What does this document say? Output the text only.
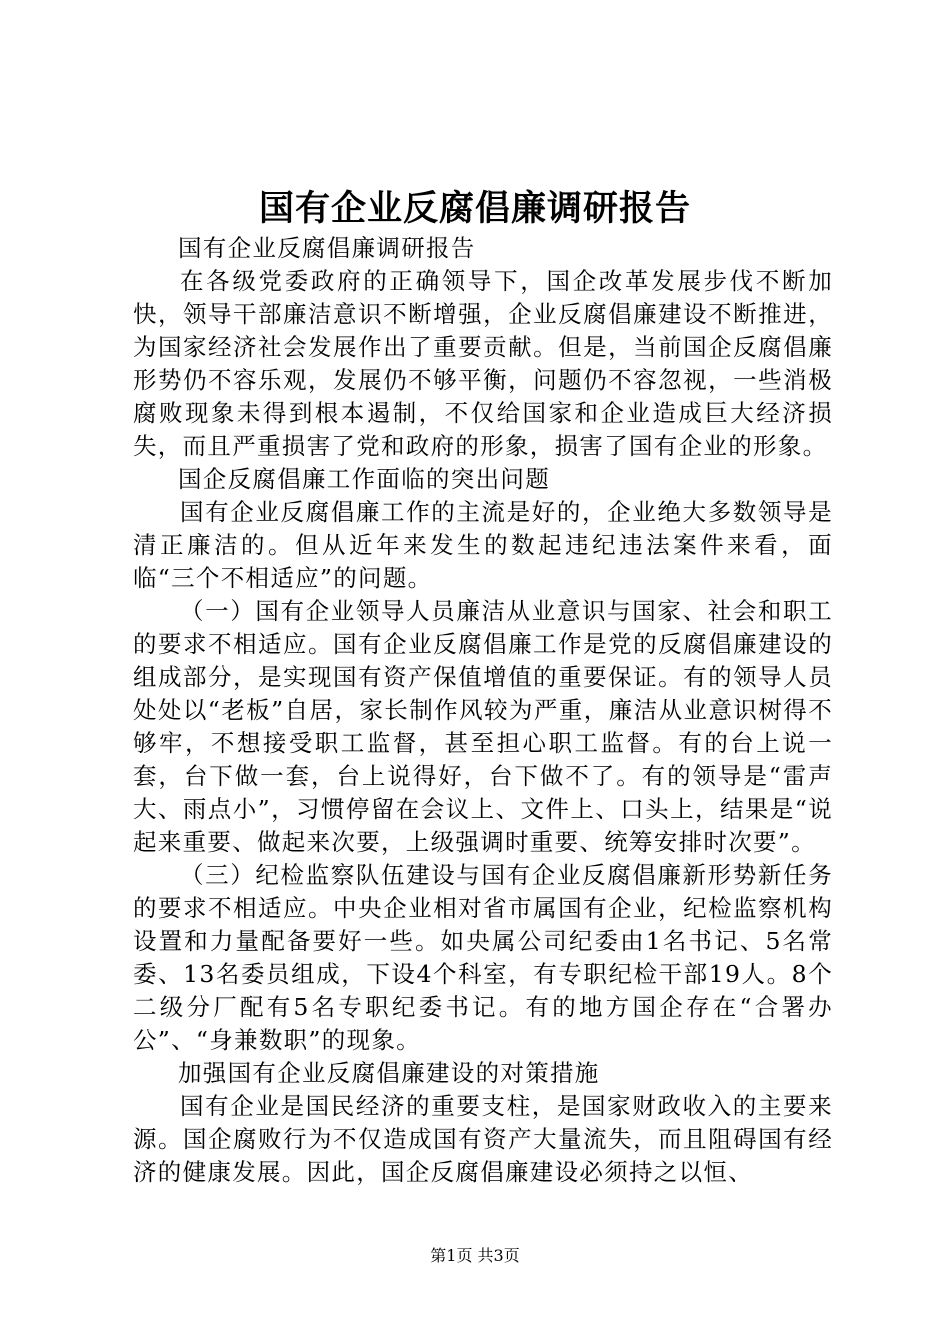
国有企业反腐倡廉调研报告

国有企业反腐倡廉调研报告

在各级党委政府的正确领导下，国企改革发展步伐不断加快，领导干部廉洁意识不断增强，企业反腐倡廉建设不断推进，为国家经济社会发展作出了重要贡献。但是，当前国企反腐倡廉形势仍不容乐观，发展仍不够平衡，问题仍不容忽视，一些消极腐败现象未得到根本遏制，不仅给国家和企业造成巨大经济损失，而且严重损害了党和政府的形象，损害了国有企业的形象。

国企反腐倡廉工作面临的突出问题

国有企业反腐倡廉工作的主流是好的，企业绝大多数领导是清正廉洁的。但从近年来发生的数起违纪违法案件来看，面临“三个不相适应”的问题。

（一）国有企业领导人员廉洁从业意识与国家、社会和职工的要求不相适应。国有企业反腐倡廉工作是党的反腐倡廉建设的组成部分，是实现国有资产保值增值的重要保证。有的领导人员处处以“老板”自居，家长制作风较为严重，廉洁从业意识树得不够牢，不想接受职工监督，甚至担心职工监督。有的台上说一套，台下做一套，台上说得好，台下做不了。有的领导是“雷声大、雨点小”，习惯停留在会议上、文件上、口头上，结果是“说起来重要、做起来次要，上级强调时重要、统筹安排时次要”。

（三）纪检监察队伍建设与国有企业反腐倡廉新形势新任务的要求不相适应。中央企业相对省市属国有企业，纪检监察机构设置和力量配备要好一些。如央属公司纪委由1名书记、5名常委、13名委员组成，下设4个科室，有专职纪检干部19人。8个二级分厂配有5名专职纪委书记。有的地方国企存在“合署办公”、“身兼数职”的现象。

加强国有企业反腐倡廉建设的对策措施

国有企业是国民经济的重要支柱，是国家财政收入的主要来源。国企腐败行为不仅造成国有资产大量流失，而且阻碍国有经济的健康发展。因此，国企反腐倡廉建设必须持之以恒、

第1页 共3页
